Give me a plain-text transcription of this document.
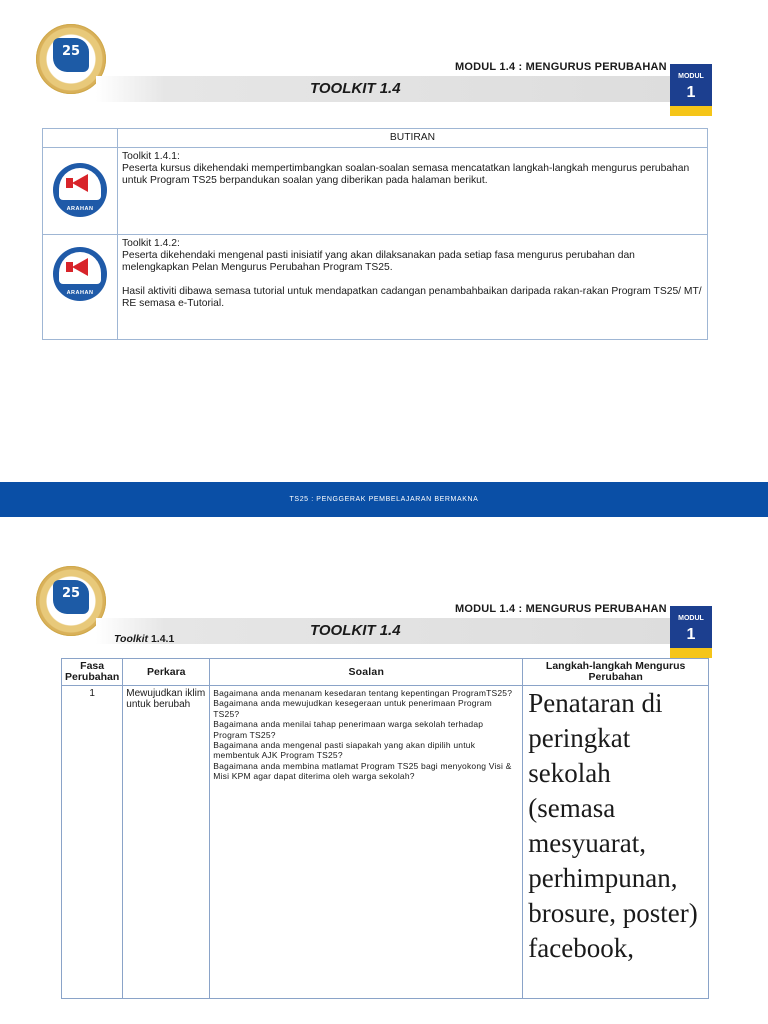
25
MODUL 1.4 : MENGURUS PERUBAHAN
TOOLKIT 1.4
MODUL
1
	BUTIRAN

ARAHAN	Toolkit 1.4.1:

Peserta kursus dikehendaki mempertimbangkan soalan-soalan semasa mencatatkan langkah-langkah mengurus perubahan untuk Program TS25 berpandukan soalan yang diberikan pada halaman berikut.

ARAHAN	Toolkit 1.4.2:

Peserta dikehendaki mengenal pasti inisiatif yang akan dilaksanakan pada setiap fasa mengurus perubahan dan melengkapkan Pelan Mengurus Perubahan Program TS25.

Hasil aktiviti dibawa semasa tutorial untuk mendapatkan cadangan penambahbaikan daripada rakan-rakan Program TS25/ MT/ RE semasa e-Tutorial.

TS25 : PENGGERAK PEMBELAJARAN BERMAKNA
25
MODUL 1.4 : MENGURUS PERUBAHAN
TOOLKIT 1.4
MODUL
1
Toolkit 1.4.1
Fasa Perubahan	Perkara	Soalan	Langkah-langkah Mengurus Perubahan
1	Mewujudkan iklim untuk berubah	Bagaimana anda menanam kesedaran tentang kepentingan ProgramTS25?
Bagaimana anda mewujudkan kesegeraan untuk penerimaan Program TS25?
Bagaimana anda menilai tahap penerimaan warga sekolah terhadap Program TS25?
Bagaimana anda mengenal pasti siapakah yang akan dipilih untuk membentuk AJK Program TS25?
Bagaimana anda membina matlamat Program TS25 bagi menyokong Visi & Misi KPM agar dapat diterima oleh warga sekolah?	Penataran di peringkat sekolah (semasa mesyuarat, perhimpunan, brosure, poster) facebook,
